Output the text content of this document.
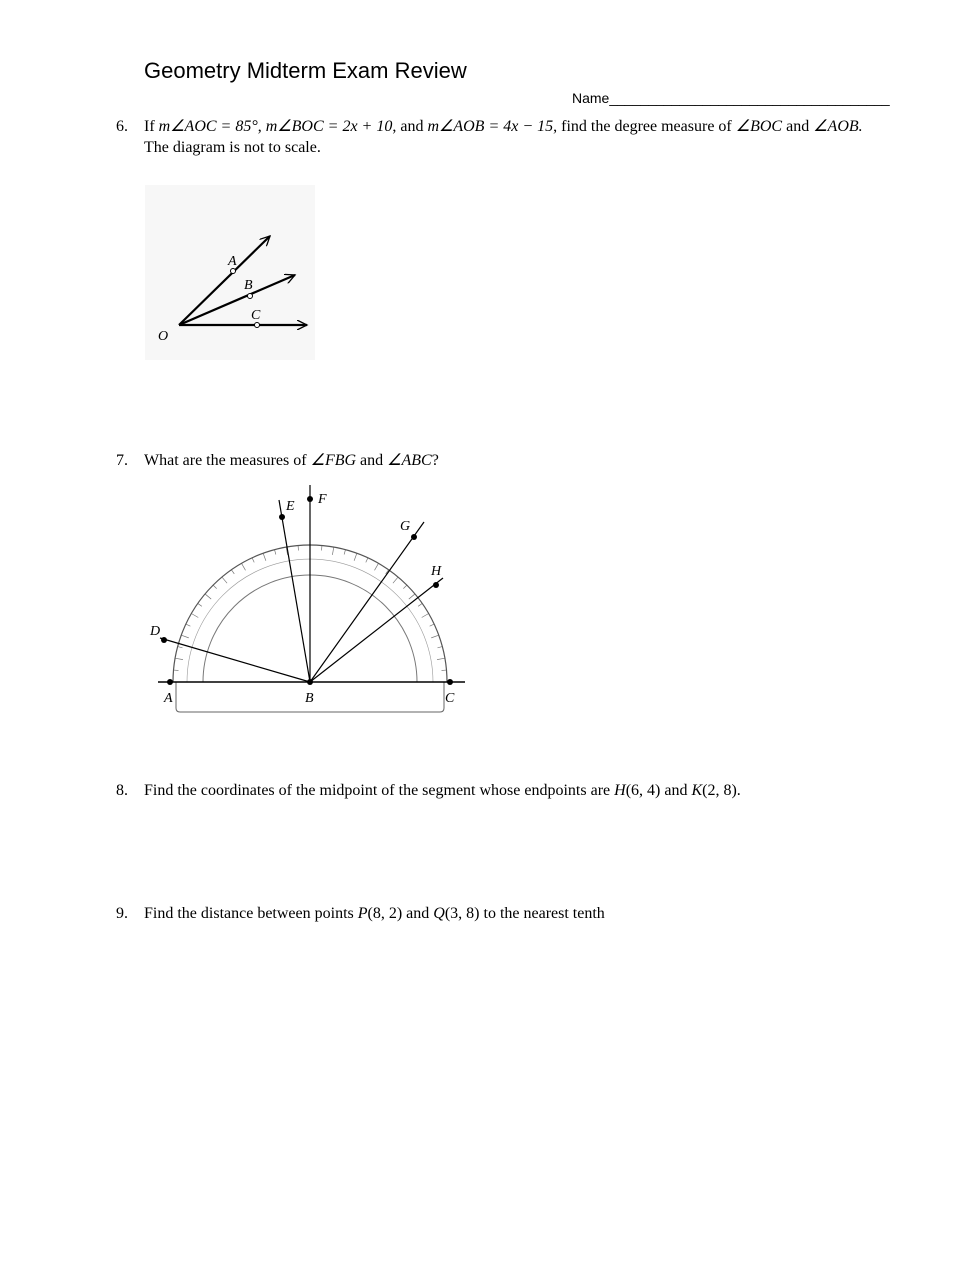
Geometry Midterm Exam Review
Name____________________________________
6. If m∠AOC = 85°, m∠BOC = 2x + 10, and m∠AOB = 4x − 15, find the degree measure of ∠BOC and ∠AOB.
The diagram is not to scale.
A
B
C
O
7. What are the measures of ∠FBG and ∠ABC?
A	B	C
D
E F
G
H
8. Find the coordinates of the midpoint of the segment whose endpoints are H(6, 4) and K(2, 8).
9. Find the distance between points P(8, 2) and Q(3, 8) to the nearest tenth
